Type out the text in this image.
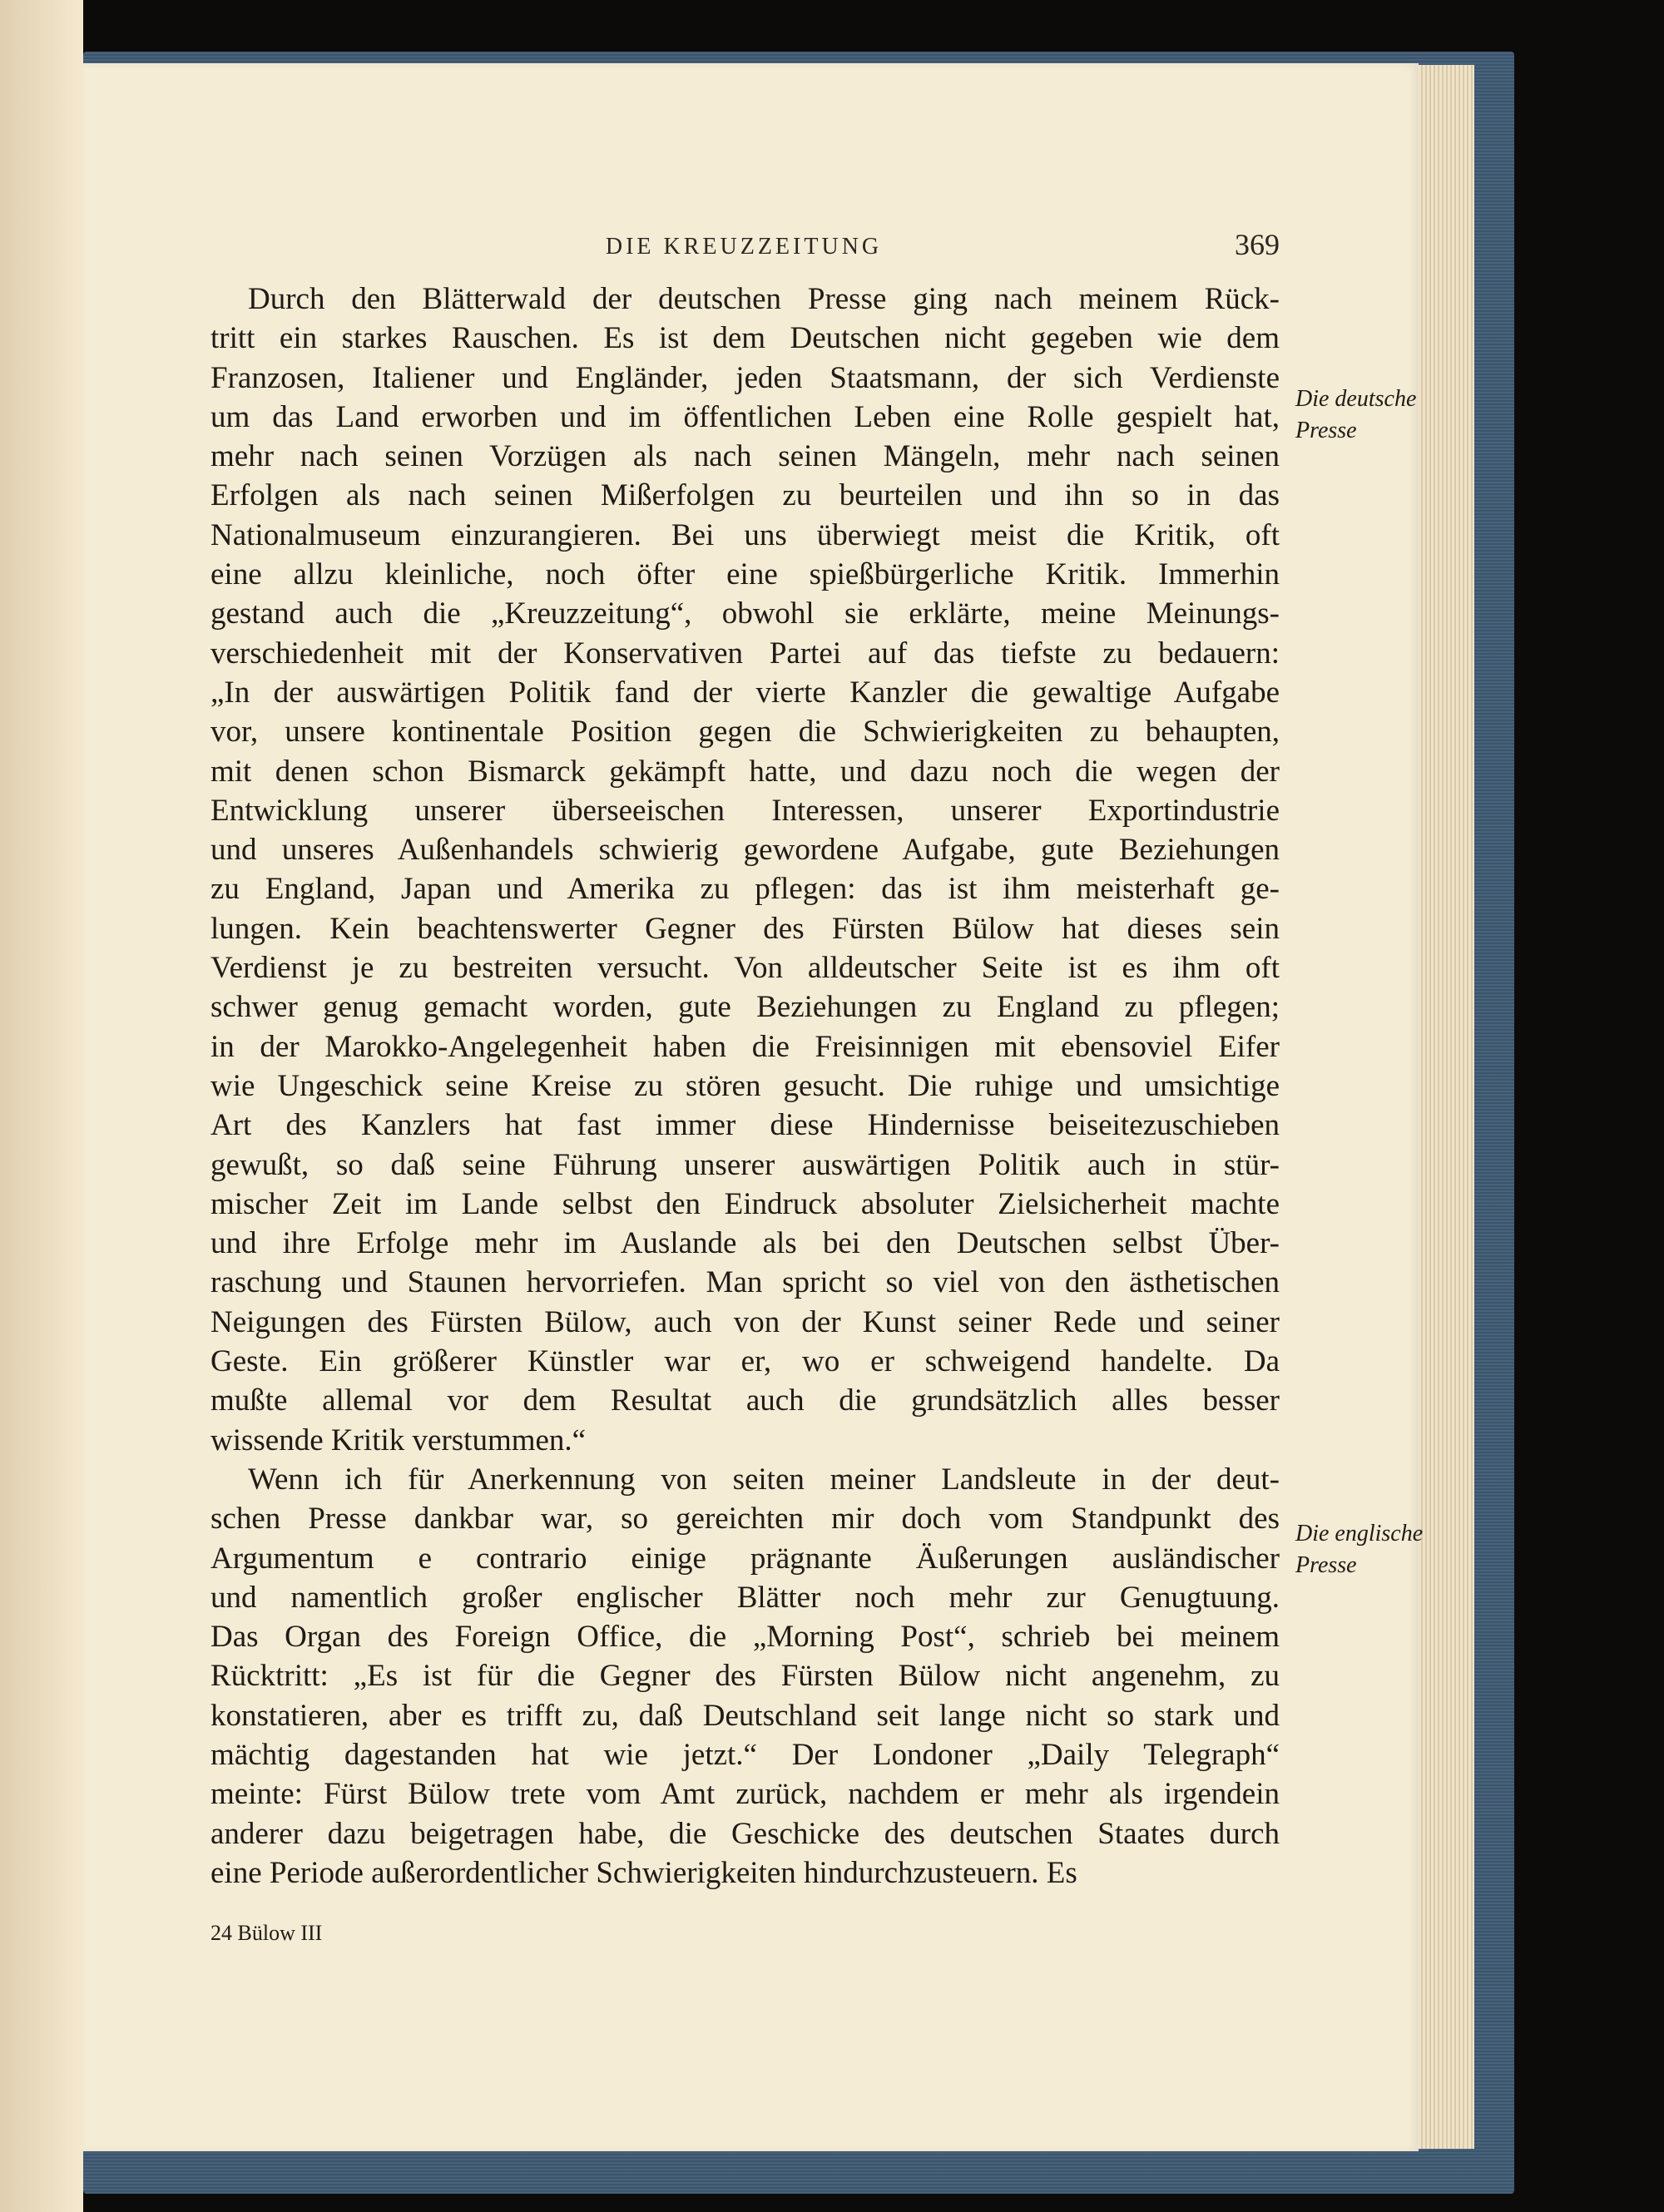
DIE KREUZZEITUNG	369
Die deutsche
Presse
Die englische
Presse
Durch den Blätterwald der deutschen Presse ging nach meinem Rück-
tritt ein starkes Rauschen. Es ist dem Deutschen nicht gegeben wie dem
Franzosen, Italiener und Engländer, jeden Staatsmann, der sich Verdienste
um das Land erworben und im öffentlichen Leben eine Rolle gespielt hat,
mehr nach seinen Vorzügen als nach seinen Mängeln, mehr nach seinen
Erfolgen als nach seinen Mißerfolgen zu beurteilen und ihn so in das
Nationalmuseum einzurangieren. Bei uns überwiegt meist die Kritik, oft
eine allzu kleinliche, noch öfter eine spießbürgerliche Kritik. Immerhin
gestand auch die „Kreuzzeitung“, obwohl sie erklärte, meine Meinungs-
verschiedenheit mit der Konservativen Partei auf das tiefste zu bedauern:
„In der auswärtigen Politik fand der vierte Kanzler die gewaltige Aufgabe
vor, unsere kontinentale Position gegen die Schwierigkeiten zu behaupten,
mit denen schon Bismarck gekämpft hatte, und dazu noch die wegen der
Entwicklung unserer überseeischen Interessen, unserer Exportindustrie
und unseres Außenhandels schwierig gewordene Aufgabe, gute Beziehungen
zu England, Japan und Amerika zu pflegen: das ist ihm meisterhaft ge-
lungen. Kein beachtenswerter Gegner des Fürsten Bülow hat dieses sein
Verdienst je zu bestreiten versucht. Von alldeutscher Seite ist es ihm oft
schwer genug gemacht worden, gute Beziehungen zu England zu pflegen;
in der Marokko-Angelegenheit haben die Freisinnigen mit ebensoviel Eifer
wie Ungeschick seine Kreise zu stören gesucht. Die ruhige und umsichtige
Art des Kanzlers hat fast immer diese Hindernisse beiseitezuschieben
gewußt, so daß seine Führung unserer auswärtigen Politik auch in stür-
mischer Zeit im Lande selbst den Eindruck absoluter Zielsicherheit machte
und ihre Erfolge mehr im Auslande als bei den Deutschen selbst Über-
raschung und Staunen hervorriefen. Man spricht so viel von den ästhetischen
Neigungen des Fürsten Bülow, auch von der Kunst seiner Rede und seiner
Geste. Ein größerer Künstler war er, wo er schweigend handelte. Da
mußte allemal vor dem Resultat auch die grundsätzlich alles besser
wissende Kritik verstummen.“
Wenn ich für Anerkennung von seiten meiner Landsleute in der deut-
schen Presse dankbar war, so gereichten mir doch vom Standpunkt des
Argumentum e contrario einige prägnante Äußerungen ausländischer
und namentlich großer englischer Blätter noch mehr zur Genugtuung.
Das Organ des Foreign Office, die „Morning Post“, schrieb bei meinem
Rücktritt: „Es ist für die Gegner des Fürsten Bülow nicht angenehm, zu
konstatieren, aber es trifft zu, daß Deutschland seit lange nicht so stark und
mächtig dagestanden hat wie jetzt.“ Der Londoner „Daily Telegraph“
meinte: Fürst Bülow trete vom Amt zurück, nachdem er mehr als irgendein
anderer dazu beigetragen habe, die Geschicke des deutschen Staates durch
eine Periode außerordentlicher Schwierigkeiten hindurchzusteuern. Es
24 Bülow III
